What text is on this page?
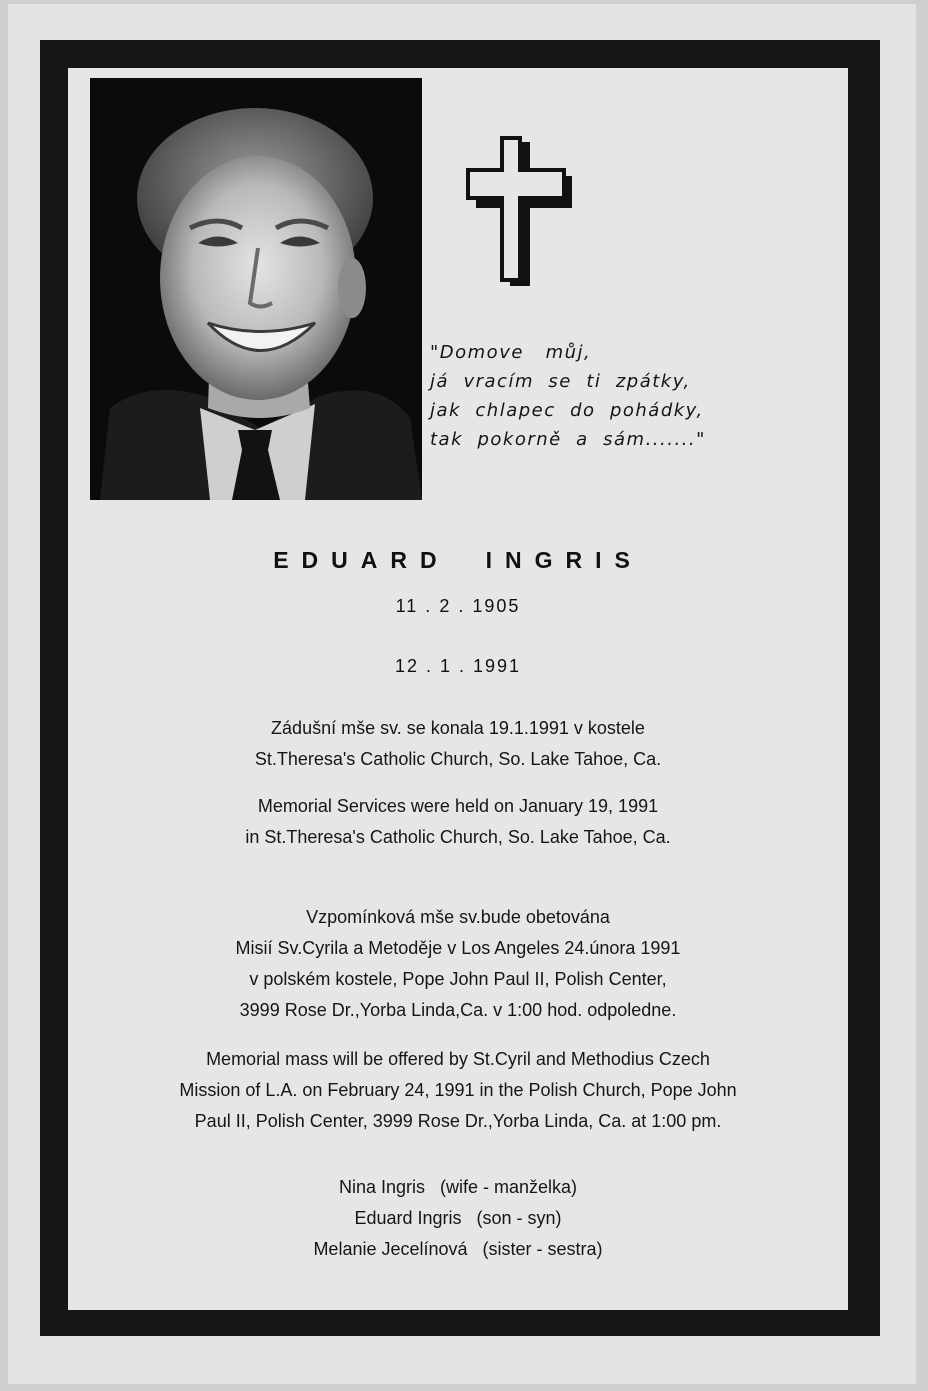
"Domove   můj,
já  vracím  se  ti  zpátky,
jak  chlapec  do  pohádky,
tak  pokorně  a  sám......."
EDUARD INGRIS
11 . 2 . 1905
12 . 1 . 1991
Zádušní mše sv. se konala 19.1.1991 v kostele
St.Theresa's Catholic Church, So. Lake Tahoe, Ca.
Memorial Services were held on January 19, 1991
in St.Theresa's Catholic Church, So. Lake Tahoe, Ca.
Vzpomínková mše sv.bude obetována
Misií Sv.Cyrila a Metoděje v Los Angeles 24.února 1991
v polském kostele, Pope John Paul II, Polish Center,
3999 Rose Dr.,Yorba Linda,Ca. v 1:00 hod. odpoledne.
Memorial mass will be offered by St.Cyril and Methodius Czech
Mission of L.A. on February 24, 1991 in the Polish Church, Pope John
Paul II, Polish Center, 3999 Rose Dr.,Yorba Linda, Ca. at 1:00 pm.
Nina Ingris   (wife - manželka)
Eduard Ingris   (son - syn)
Melanie Jecelínová   (sister - sestra)
